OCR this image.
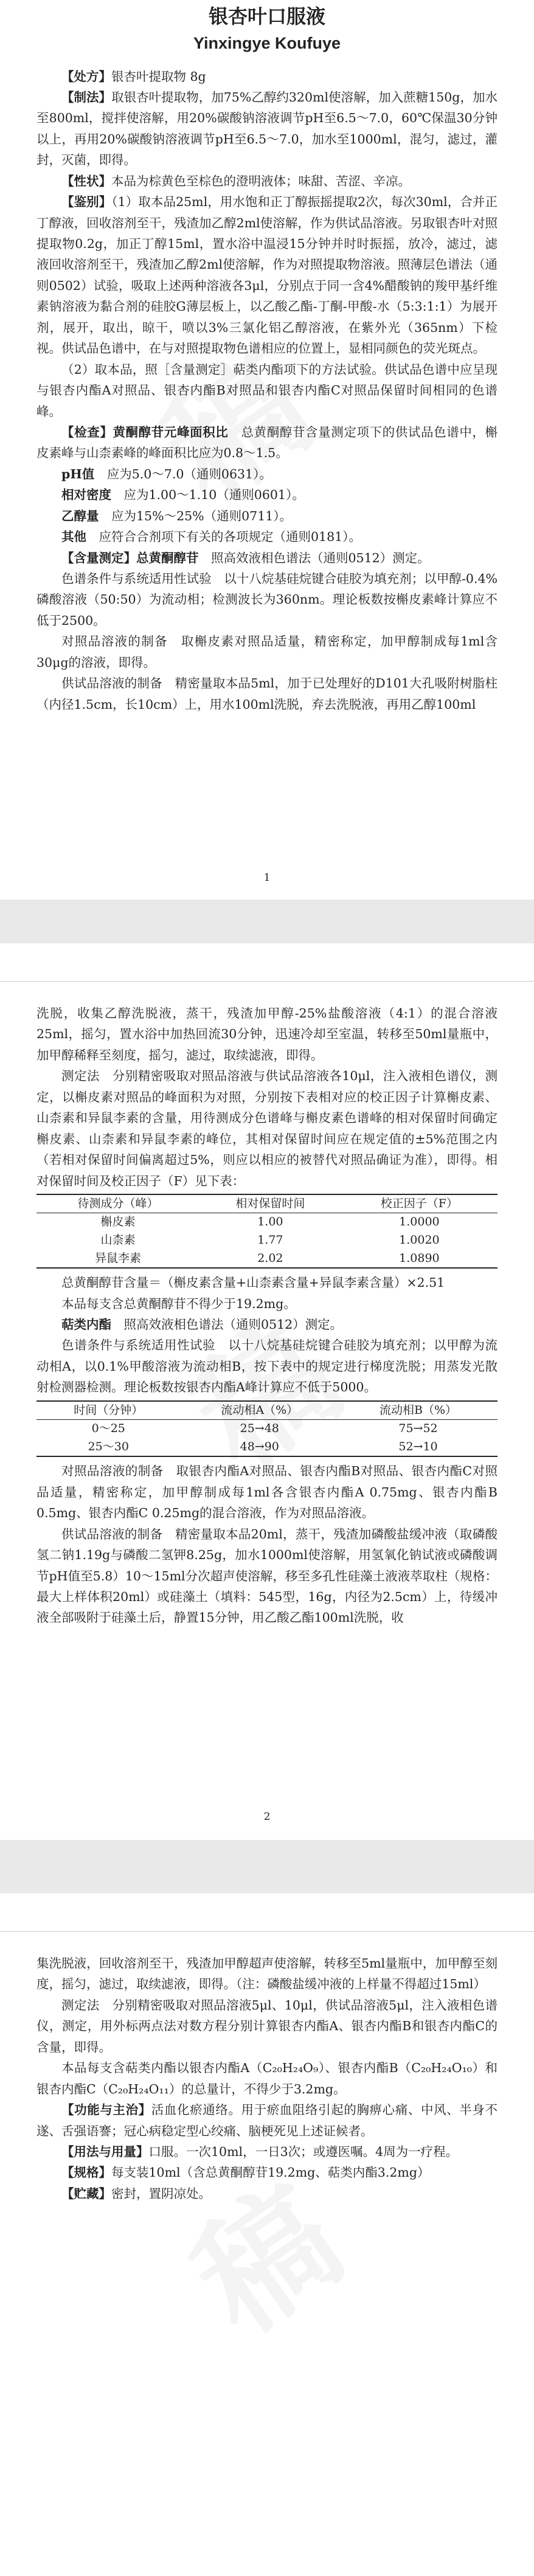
银杏叶口服液
Yinxingye Koufuye

【处方】银杏叶提取物 8g

【制法】取银杏叶提取物，加75%乙醇约320ml使溶解，加入蔗糖150g，加水至800ml，搅拌使溶解，用20%碳酸钠溶液调节pH至6.5～7.0，60℃保温30分钟以上，再用20%碳酸钠溶液调节pH至6.5～7.0，加水至1000ml，混匀，滤过，灌封，灭菌，即得。

【性状】本品为棕黄色至棕色的澄明液体；味甜、苦涩、辛凉。

【鉴别】（1）取本品25ml，用水饱和正丁醇振摇提取2次，每次30ml，合并正丁醇液，回收溶剂至干，残渣加乙醇2ml使溶解，作为供试品溶液。另取银杏叶对照提取物0.2g，加正丁醇15ml，置水浴中温浸15分钟并时时振摇，放冷，滤过，滤液回收溶剂至干，残渣加乙醇2ml使溶解，作为对照提取物溶液。照薄层色谱法（通则0502）试验，吸取上述两种溶液各3μl，分别点于同一含4%醋酸钠的羧甲基纤维素钠溶液为黏合剂的硅胶G薄层板上，以乙酸乙酯-丁酮-甲酸-水（5:3:1:1）为展开剂，展开，取出，晾干，喷以3%三氯化铝乙醇溶液，在紫外光（365nm）下检视。供试品色谱中，在与对照提取物色谱相应的位置上，显相同颜色的荧光斑点。

（2）取本品，照［含量测定］萜类内酯项下的方法试验。供试品色谱中应呈现与银杏内酯A对照品、银杏内酯B对照品和银杏内酯C对照品保留时间相同的色谱峰。

【检查】黄酮醇苷元峰面积比　 总黄酮醇苷含量测定项下的供试品色谱中，槲皮素峰与山柰素峰的峰面积比应为0.8～1.5。

pH值　 应为5.0～7.0（通则0631）。

相对密度　 应为1.00～1.10（通则0601）。

乙醇量　 应为15%～25%（通则0711）。

其他　 应符合合剂项下有关的各项规定（通则0181）。

【含量测定】总黄酮醇苷　 照高效液相色谱法（通则0512）测定。

色谱条件与系统适用性试验　以十八烷基硅烷键合硅胶为填充剂；以甲醇-0.4%磷酸溶液（50:50）为流动相；检测波长为360nm。理论板数按槲皮素峰计算应不低于2500。

对照品溶液的制备　取槲皮素对照品适量，精密称定，加甲醇制成每1ml含30μg的溶液，即得。

供试品溶液的制备　精密量取本品5ml，加于已处理好的D101大孔吸附树脂柱（内径1.5cm，长10cm）上，用水100ml洗脱，弃去洗脱液，再用乙醇100ml

1

洗脱，收集乙醇洗脱液，蒸干，残渣加甲醇-25%盐酸溶液（4:1）的混合溶液25ml，摇匀，置水浴中加热回流30分钟，迅速冷却至室温，转移至50ml量瓶中，加甲醇稀释至刻度，摇匀，滤过，取续滤液，即得。

测定法　分别精密吸取对照品溶液与供试品溶液各10μl，注入液相色谱仪，测定，以槲皮素对照品的峰面积为对照，分别按下表相对应的校正因子计算槲皮素、山柰素和异鼠李素的含量，用待测成分色谱峰与槲皮素色谱峰的相对保留时间确定槲皮素、山柰素和异鼠李素的峰位，其相对保留时间应在规定值的±5%范围之内（若相对保留时间偏离超过5%，则应以相应的被替代对照品确证为准），即得。相对保留时间及校正因子（F）见下表：

待测成分（峰）	相对保留时间	校正因子（F）
槲皮素	1.00	1.0000
山柰素	1.77	1.0020
异鼠李素	2.02	1.0890

总黄酮醇苷含量＝（槲皮素含量+山柰素含量+异鼠李素含量）×2.51

本品每支含总黄酮醇苷不得少于19.2mg。

萜类内酯　 照高效液相色谱法（通则0512）测定。

色谱条件与系统适用性试验　以十八烷基硅烷键合硅胶为填充剂；以甲醇为流动相A，以0.1%甲酸溶液为流动相B，按下表中的规定进行梯度洗脱；用蒸发光散射检测器检测。理论板数按银杏内酯A峰计算应不低于5000。

时间（分钟）	流动相A（%）	流动相B（%）
0～25	25→48	75→52
25～30	48→90	52→10

对照品溶液的制备　取银杏内酯A对照品、银杏内酯B对照品、银杏内酯C对照品适量，精密称定，加甲醇制成每1ml各含银杏内酯A 0.75mg、银杏内酯B 0.5mg、银杏内酯C 0.25mg的混合溶液，作为对照品溶液。

供试品溶液的制备　精密量取本品20ml，蒸干，残渣加磷酸盐缓冲液（取磷酸氢二钠1.19g与磷酸二氢钾8.25g，加水1000ml使溶解，用氢氧化钠试液或磷酸调节pH值至5.8）10～15ml分次超声使溶解，移至多孔性硅藻土液液萃取柱（规格：最大上样体积20ml）或硅藻土（填料：545型，16g，内径为2.5cm）上，待缓冲液全部吸附于硅藻土后，静置15分钟，用乙酸乙酯100ml洗脱，收

2

集洗脱液，回收溶剂至干，残渣加甲醇超声使溶解，转移至5ml量瓶中，加甲醇至刻度，摇匀，滤过，取续滤液，即得。（注：磷酸盐缓冲液的上样量不得超过15ml）

测定法　分别精密吸取对照品溶液5μl、10μl，供试品溶液5μl，注入液相色谱仪，测定，用外标两点法对数方程分别计算银杏内酯A、银杏内酯B和银杏内酯C的含量，即得。

本品每支含萜类内酯以银杏内酯A（C₂₀H₂₄O₉）、银杏内酯B（C₂₀H₂₄O₁₀）和银杏内酯C（C₂₀H₂₄O₁₁）的总量计，不得少于3.2mg。

【功能与主治】活血化瘀通络。用于瘀血阻络引起的胸痹心痛、中风、半身不遂、舌强语謇；冠心病稳定型心绞痛、脑梗死见上述证候者。

【用法与用量】口服。一次10ml，一日3次；或遵医嘱。4周为一疗程。

【规格】每支装10ml（含总黄酮醇苷19.2mg、萜类内酯3.2mg）

【贮藏】密封，置阴凉处。
